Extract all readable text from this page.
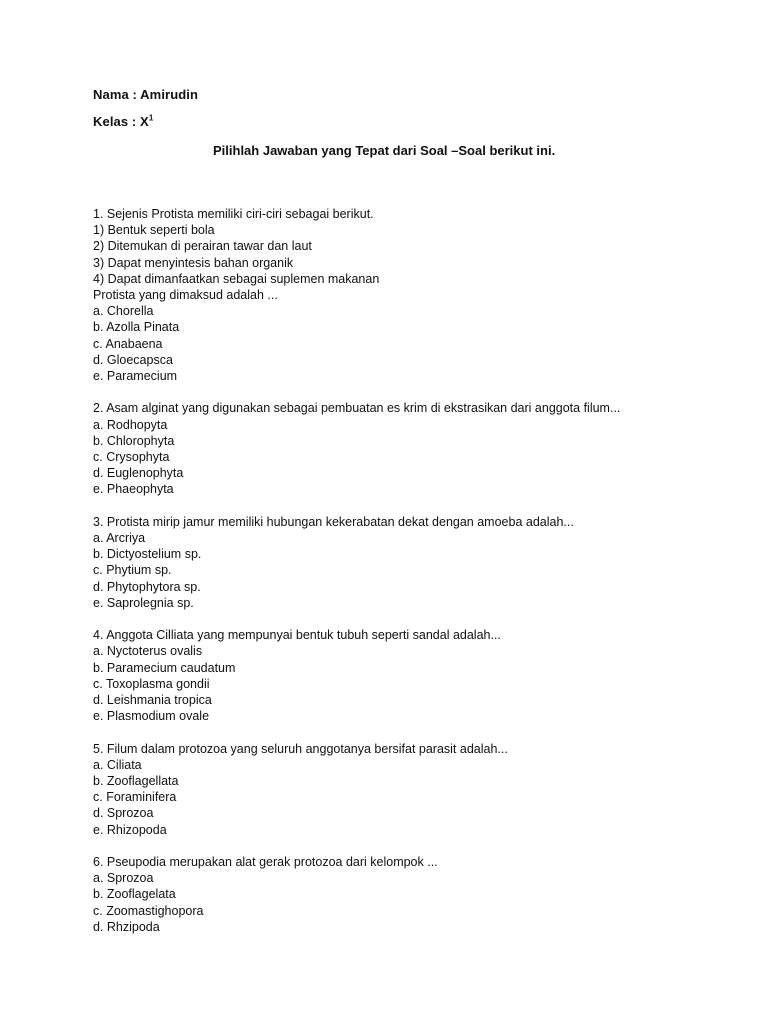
Nama : Amirudin
Kelas : $X^1$
Pilihlah Jawaban yang Tepat dari Soal –Soal berikut ini.
1. Sejenis Protista memiliki ciri-ciri sebagai berikut.
1) Bentuk seperti bola
2) Ditemukan di perairan tawar dan laut
3) Dapat menyintesis bahan organik
4) Dapat dimanfaatkan sebagai suplemen makanan
Protista yang dimaksud adalah ...
a. Chorella
b. Azolla Pinata
c. Anabaena
d. Gloecapsca
e. Paramecium
2. Asam alginat yang digunakan sebagai pembuatan es krim di ekstrasikan dari anggota filum...
a. Rodhopyta
b. Chlorophyta
c. Crysophyta
d. Euglenophyta
e. Phaeophyta
3. Protista mirip jamur memiliki hubungan kekerabatan dekat dengan amoeba adalah...
a. Arcriya
b. Dictyostelium sp.
c. Phytium sp.
d. Phytophytora sp.
e. Saprolegnia sp.
4. Anggota Cilliata yang mempunyai bentuk tubuh seperti sandal adalah...
a. Nyctoterus ovalis
b. Paramecium caudatum
c. Toxoplasma gondii
d. Leishmania tropica
e. Plasmodium ovale
5. Filum dalam protozoa yang seluruh anggotanya bersifat parasit adalah...
a. Ciliata
b. Zooflagellata
c. Foraminifera
d. Sprozoa
e. Rhizopoda
6. Pseupodia merupakan alat gerak protozoa dari kelompok ...
a. Sprozoa
b. Zooflagelata
c. Zoomastighopora
d. Rhzipoda
